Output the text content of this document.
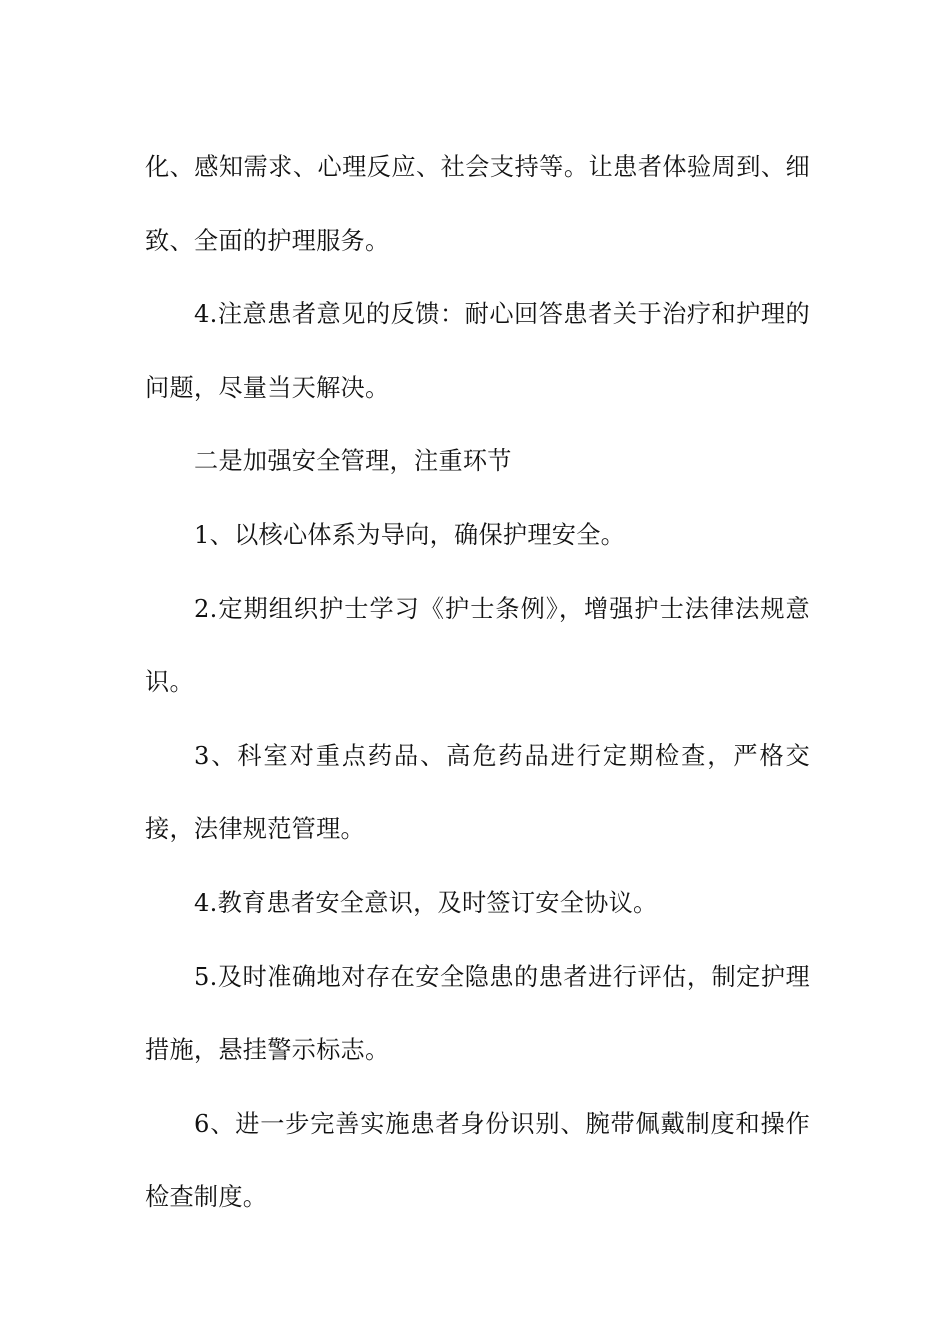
化、感知需求、心理反应、社会支持等。让患者体验周到、细致、全面的护理服务。

4.注意患者意见的反馈：耐心回答患者关于治疗和护理的问题，尽量当天解决。

二是加强安全管理，注重环节

1、以核心体系为导向，确保护理安全。

2.定期组织护士学习《护士条例》，增强护士法律法规意识。

3、科室对重点药品、高危药品进行定期检查，严格交接，法律规范管理。

4.教育患者安全意识，及时签订安全协议。

5.及时准确地对存在安全隐患的患者进行评估，制定护理措施，悬挂警示标志。

6、进一步完善实施患者身份识别、腕带佩戴制度和操作检查制度。
